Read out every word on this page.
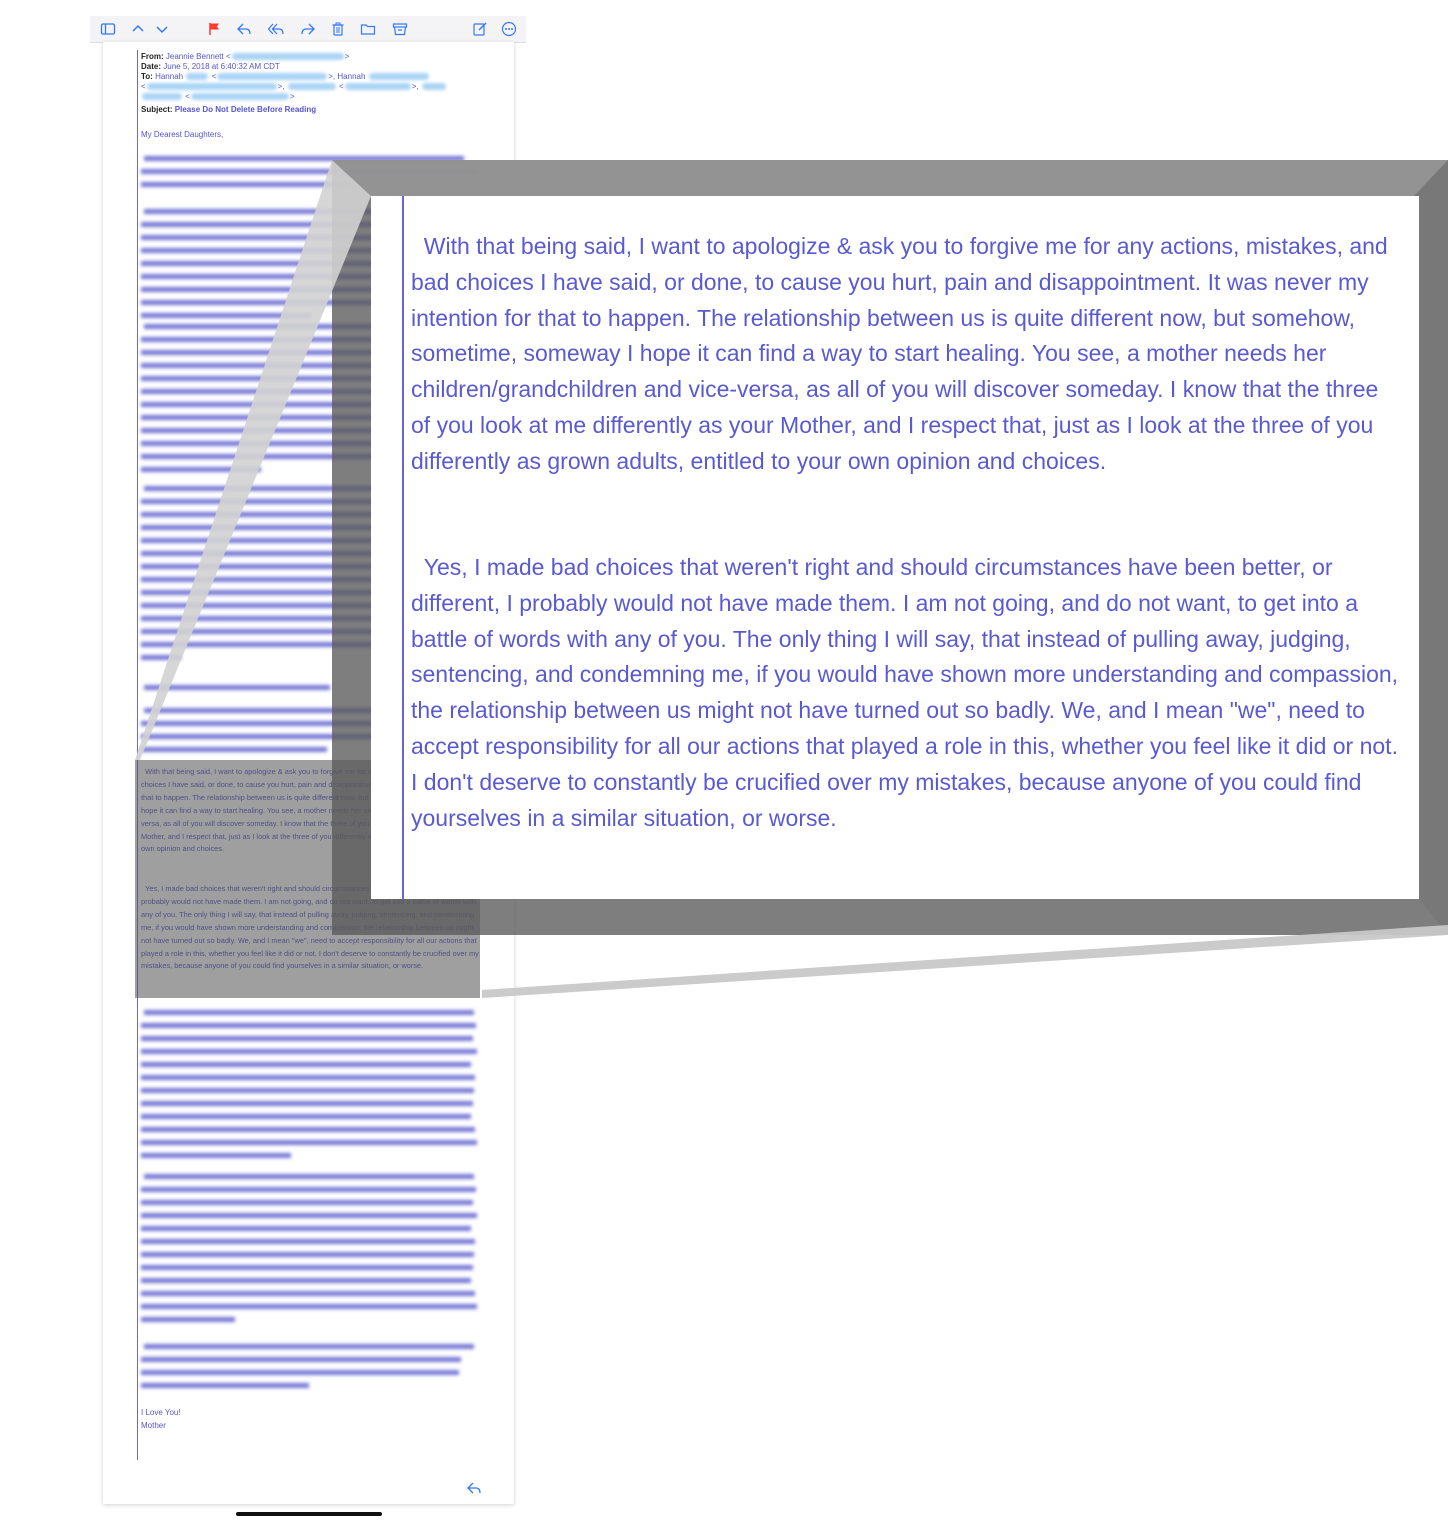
From: Jeannie Bennett <	>
Date: June 5, 2018 at 6:40:32 AM CDT
To: Hannah	<	>, Hannah
<	>,	<	>,
<	>
Subject: Please Do Not Delete Before Reading
My Dearest Daughters,
I Love You!
Mother
With that being said, I want to apologize & ask you to forgive me for any actions, mistakes, and bad choices I have said, or done, to cause you hurt, pain and disappointment. It was never my intention for that to happen. The relationship between us is quite different now, but somehow, sometime, someway I hope it can find a way to start healing. You see, a mother needs her children/grandchildren and vice-versa, as all of you will discover someday. I know that the three of you look at me differently as your Mother, and I respect that, just as I look at the three of you differently as grown adults, entitled to your own opinion and choices.
Yes, I made bad choices that weren't right and should circumstances have been better, or different, I probably would not have made them. I am not going, and do not want, to get into a battle of words with any of you. The only thing I will say, that instead of pulling away, judging, sentencing, and condemning me, if you would have shown more understanding and compassion, the relationship between us might not have turned out so badly. We, and I mean "we", need to accept responsibility for all our actions that played a role in this, whether you feel like it did or not. I don't deserve to constantly be crucified over my mistakes, because anyone of you could find yourselves in a similar situation, or worse.
